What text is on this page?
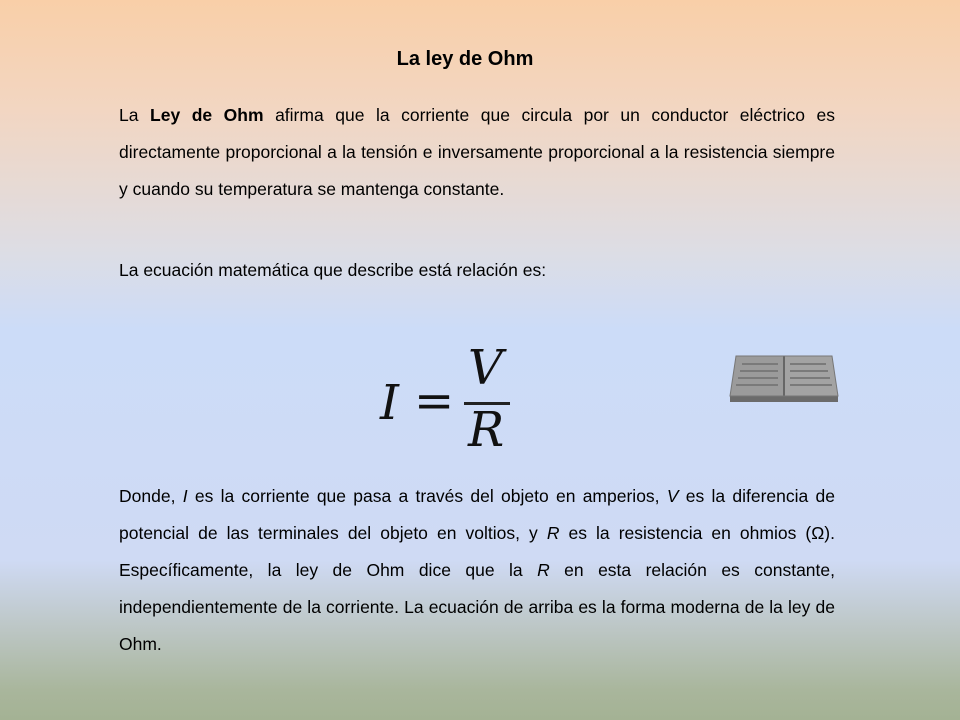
La ley de Ohm

La Ley de Ohm afirma que la corriente que circula por un conductor eléctrico es directamente proporcional a la tensión e inversamente proporcional a la resistencia siempre y cuando su temperatura se mantenga constante.

La ecuación matemática que describe está relación es:

I =
V
R

Donde, I es la corriente que pasa a través del objeto en amperios, V es la diferencia de potencial de las terminales del objeto en voltios, y R es la resistencia en ohmios (Ω). Específicamente, la ley de Ohm dice que la R en esta relación es constante, independientemente de la corriente. La ecuación de arriba es la forma moderna de la ley de Ohm.
